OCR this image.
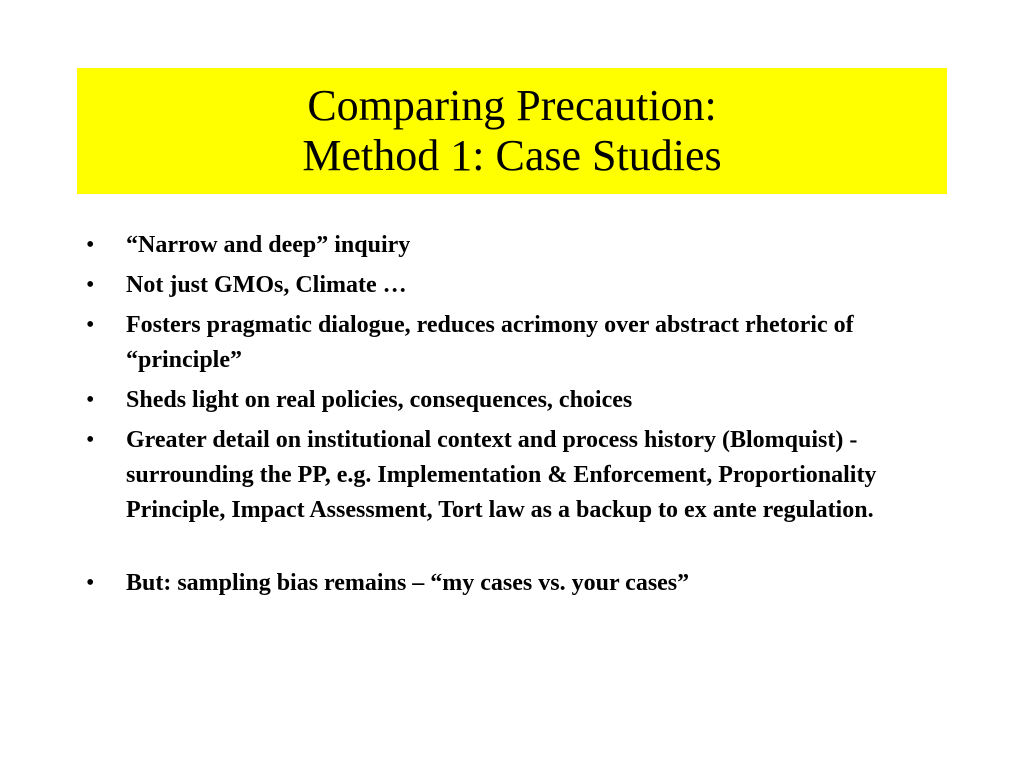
Comparing Precaution:
Method 1: Case Studies
•	“Narrow and deep” inquiry
•	Not just GMOs, Climate …
•	Fosters pragmatic dialogue, reduces acrimony over abstract rhetoric of “principle”
•	Sheds light on real policies, consequences, choices
•	Greater detail on institutional context and process history (Blomquist) - surrounding the PP, e.g. Implementation & Enforcement, Proportionality Principle, Impact Assessment, Tort law as a backup to ex ante regulation.
•	But: sampling bias remains – “my cases vs. your cases”
